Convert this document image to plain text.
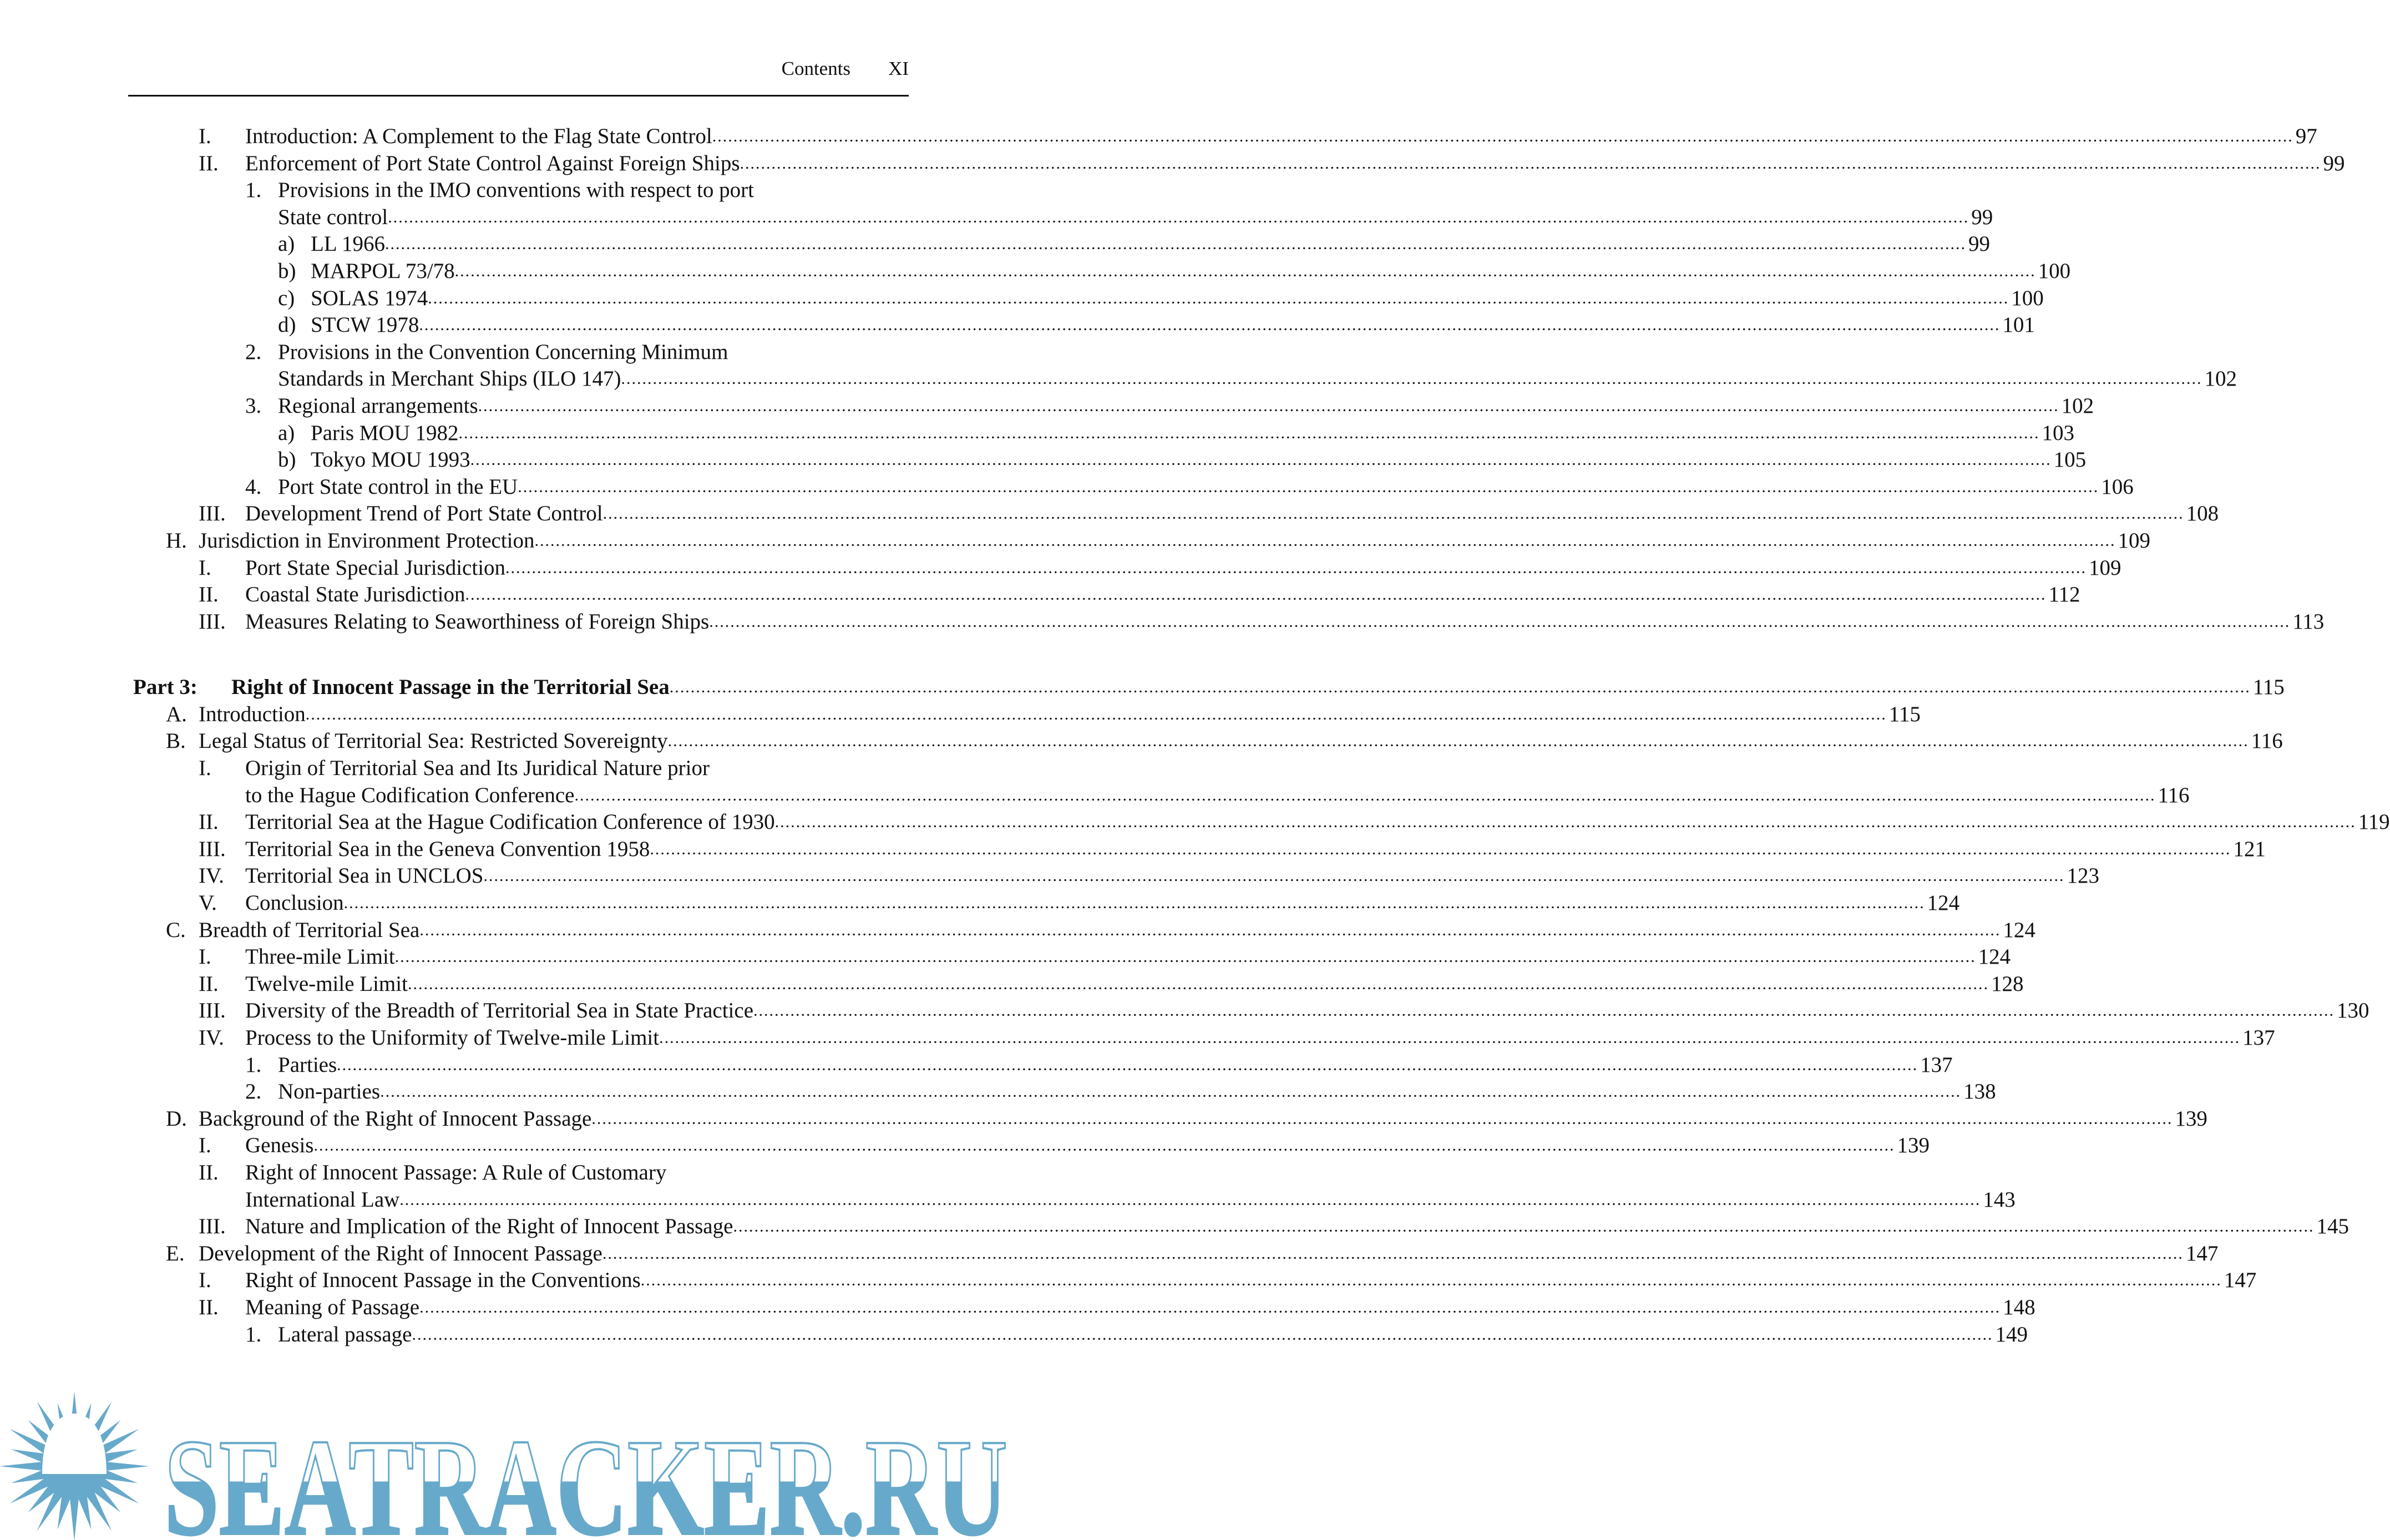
Contents XI
I. Introduction: A Complement to the Flag State Control ............................................................................................................................................................................................................................................................................................................ 97
II. Enforcement of Port State Control Against Foreign Ships ............................................................................................................................................................................................................................................................................................................ 99
1. Provisions in the IMO conventions with respect to port
State control ............................................................................................................................................................................................................................................................................................................ 99
a) LL 1966 ............................................................................................................................................................................................................................................................................................................ 99
b) MARPOL 73/78 ............................................................................................................................................................................................................................................................................................................ 100
c) SOLAS 1974 ............................................................................................................................................................................................................................................................................................................ 100
d) STCW 1978 ............................................................................................................................................................................................................................................................................................................ 101
2. Provisions in the Convention Concerning Minimum
Standards in Merchant Ships (ILO 147) ............................................................................................................................................................................................................................................................................................................ 102
3. Regional arrangements ............................................................................................................................................................................................................................................................................................................ 102
a) Paris MOU 1982 ............................................................................................................................................................................................................................................................................................................ 103
b) Tokyo MOU 1993 ............................................................................................................................................................................................................................................................................................................ 105
4. Port State control in the EU ............................................................................................................................................................................................................................................................................................................ 106
III. Development Trend of Port State Control ............................................................................................................................................................................................................................................................................................................ 108
H. Jurisdiction in Environment Protection ............................................................................................................................................................................................................................................................................................................ 109
I. Port State Special Jurisdiction ............................................................................................................................................................................................................................................................................................................ 109
II. Coastal State Jurisdiction ............................................................................................................................................................................................................................................................................................................ 112
III. Measures Relating to Seaworthiness of Foreign Ships ............................................................................................................................................................................................................................................................................................................ 113
Part 3: Right of Innocent Passage in the Territorial Sea ............................................................................................................................................................................................................................................................................................................ 115
A. Introduction ............................................................................................................................................................................................................................................................................................................ 115
B. Legal Status of Territorial Sea: Restricted Sovereignty ............................................................................................................................................................................................................................................................................................................ 116
I. Origin of Territorial Sea and Its Juridical Nature prior
to the Hague Codification Conference ............................................................................................................................................................................................................................................................................................................ 116
II. Territorial Sea at the Hague Codification Conference of 1930 ............................................................................................................................................................................................................................................................................................................ 119
III. Territorial Sea in the Geneva Convention 1958 ............................................................................................................................................................................................................................................................................................................ 121
IV. Territorial Sea in UNCLOS ............................................................................................................................................................................................................................................................................................................ 123
V. Conclusion ............................................................................................................................................................................................................................................................................................................ 124
C. Breadth of Territorial Sea ............................................................................................................................................................................................................................................................................................................ 124
I. Three-mile Limit ............................................................................................................................................................................................................................................................................................................ 124
II. Twelve-mile Limit ............................................................................................................................................................................................................................................................................................................ 128
III. Diversity of the Breadth of Territorial Sea in State Practice ............................................................................................................................................................................................................................................................................................................ 130
IV. Process to the Uniformity of Twelve-mile Limit ............................................................................................................................................................................................................................................................................................................ 137
1. Parties ............................................................................................................................................................................................................................................................................................................ 137
2. Non-parties ............................................................................................................................................................................................................................................................................................................ 138
D. Background of the Right of Innocent Passage ............................................................................................................................................................................................................................................................................................................ 139
I. Genesis ............................................................................................................................................................................................................................................................................................................ 139
II. Right of Innocent Passage: A Rule of Customary
International Law ............................................................................................................................................................................................................................................................................................................ 143
III. Nature and Implication of the Right of Innocent Passage ............................................................................................................................................................................................................................................................................................................ 145
E. Development of the Right of Innocent Passage ............................................................................................................................................................................................................................................................................................................ 147
I. Right of Innocent Passage in the Conventions ............................................................................................................................................................................................................................................................................................................ 147
II. Meaning of Passage ............................................................................................................................................................................................................................................................................................................ 148
1. Lateral passage ............................................................................................................................................................................................................................................................................................................ 149
SEATRACKER.RU
